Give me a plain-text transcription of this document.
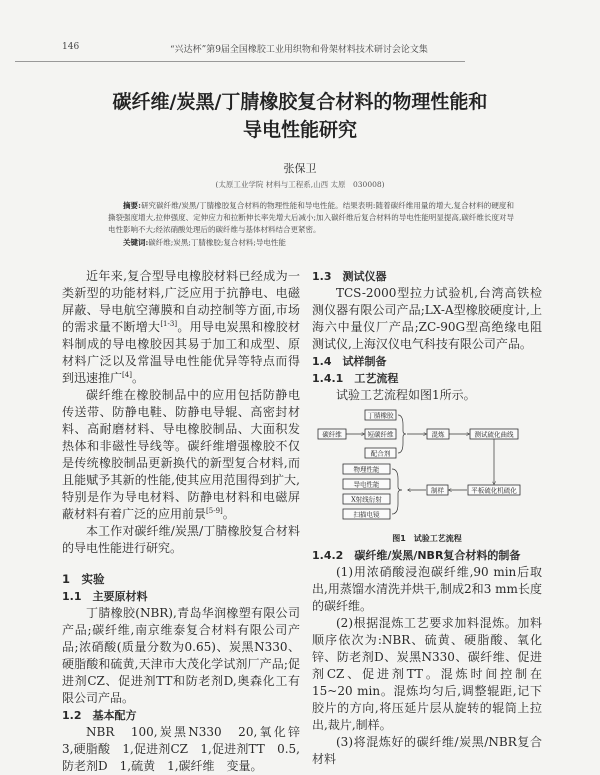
146	“兴达杯”第9届全国橡胶工业用织物和骨架材料技术研讨会论文集
碳纤维/炭黑/丁腈橡胶复合材料的物理性能和
导电性能研究
张保卫
(太原工业学院 材料与工程系,山西 太原　030008)
摘要:研究碳纤维/炭黑/丁腈橡胶复合材料的物理性能和导电性能。结果表明:随着碳纤维用量的增大,复合材料的硬度和撕裂强度增大,拉伸强度、定伸应力和拉断伸长率先增大后减小;加入碳纤维后复合材料的导电性能明显提高,碳纤维长度对导电性影响不大;经浓硝酸处理后的碳纤维与基体材料结合更紧密。
关键词:碳纤维;炭黑;丁腈橡胶;复合材料;导电性能

近年来,复合型导电橡胶材料已经成为一类新型的功能材料,广泛应用于抗静电、电磁屏蔽、导电航空薄膜和自动控制等方面,市场的需求量不断增大[1-3]。用导电炭黑和橡胶材料制成的导电橡胶因其易于加工和成型、原材料广泛以及常温导电性能优异等特点而得到迅速推广[4]。

碳纤维在橡胶制品中的应用包括防静电传送带、防静电鞋、防静电导辊、高密封材料、高耐磨材料、导电橡胶制品、大面积发热体和非磁性导线等。碳纤维增强橡胶不仅是传统橡胶制品更新换代的新型复合材料,而且能赋予其新的性能,使其应用范围得到扩大,特别是作为导电材料、防静电材料和电磁屏蔽材料有着广泛的应用前景[5-9]。

本工作对碳纤维/炭黑/丁腈橡胶复合材料的导电性能进行研究。

1　实验
1.1　主要原材料

丁腈橡胶(NBR),青岛华润橡塑有限公司产品;碳纤维,南京维泰复合材料有限公司产品;浓硝酸(质量分数为0.65)、炭黑N330、硬脂酸和硫黄,天津市大茂化学试剂厂产品;促进剂CZ、促进剂TT和防老剂D,奥森化工有限公司产品。

1.2　基本配方

NBR　100,炭黑N330　20,氧化锌　3,硬脂酸　1,促进剂CZ　1,促进剂TT　0.5,防老剂D　1,硫黄　1,碳纤维　变量。

1.3　测试仪器

TCS-2000型拉力试验机,台湾高铁检测仪器有限公司产品;LX-A型橡胶硬度计,上海六中量仪厂产品;ZC-90G型高绝缘电阻测试仪,上海汉仪电气科技有限公司产品。

1.4　试样制备
1.4.1　工艺流程

试验工艺流程如图1所示。

丁腈橡胶
碳纤维	短碳纤维
配合剂
混炼	测试硫化曲线
平板硫化机硫化
制样
物理性能
导电性能
X射线衍射
扫描电镜
图1　试验工艺流程
1.4.2　碳纤维/炭黑/NBR复合材料的制备

(1)用浓硝酸浸泡碳纤维,90 min后取出,用蒸馏水清洗并烘干,制成2和3 mm长度的碳纤维。

(2)根据混炼工艺要求加料混炼。加料顺序依次为:NBR、硫黄、硬脂酸、氧化锌、防老剂D、炭黑N330、碳纤维、促进剂CZ、促进剂TT。混炼时间控制在15~20 min。混炼均匀后,调整辊距,记下胶片的方向,将压延片层从旋转的辊筒上拉出,裁片,制样。

(3)将混炼好的碳纤维/炭黑/NBR复合材料
